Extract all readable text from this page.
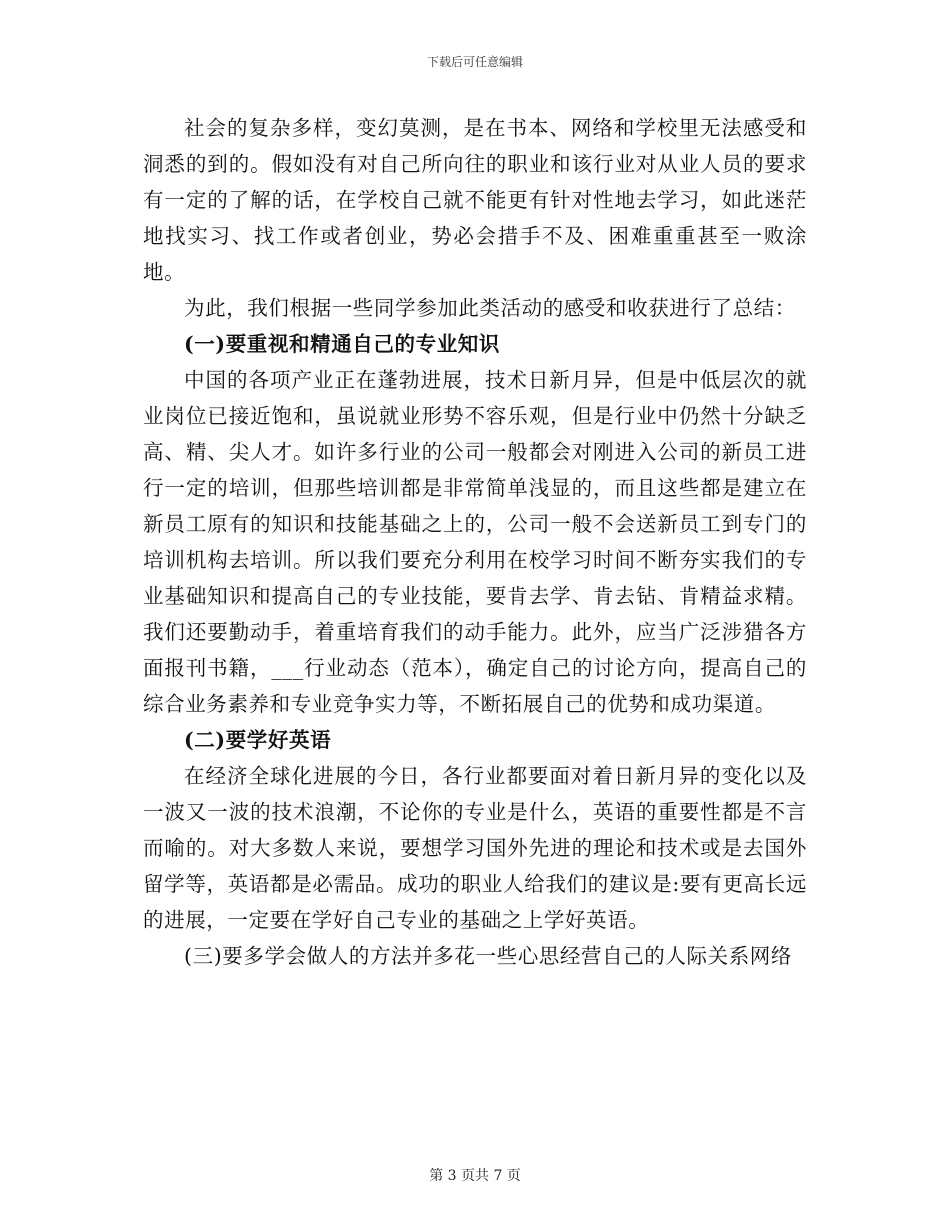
下载后可任意编辑

社会的复杂多样，变幻莫测，是在书本、网络和学校里无法感受和洞悉的到的。假如没有对自己所向往的职业和该行业对从业人员的要求有一定的了解的话，在学校自己就不能更有针对性地去学习，如此迷茫地找实习、找工作或者创业，势必会措手不及、困难重重甚至一败涂地。

为此，我们根据一些同学参加此类活动的感受和收获进行了总结：

(一)要重视和精通自己的专业知识

中国的各项产业正在蓬勃进展，技术日新月异，但是中低层次的就业岗位已接近饱和，虽说就业形势不容乐观，但是行业中仍然十分缺乏高、精、尖人才。如许多行业的公司一般都会对刚进入公司的新员工进行一定的培训，但那些培训都是非常简单浅显的，而且这些都是建立在新员工原有的知识和技能基础之上的，公司一般不会送新员工到专门的培训机构去培训。所以我们要充分利用在校学习时间不断夯实我们的专业基础知识和提高自己的专业技能，要肯去学、肯去钻、肯精益求精。我们还要勤动手，着重培育我们的动手能力。此外，应当广泛涉猎各方面报刊书籍，___行业动态（范本），确定自己的讨论方向，提高自己的综合业务素养和专业竞争实力等，不断拓展自己的优势和成功渠道。

(二)要学好英语

在经济全球化进展的今日，各行业都要面对着日新月异的变化以及一波又一波的技术浪潮，不论你的专业是什么，英语的重要性都是不言而喻的。对大多数人来说，要想学习国外先进的理论和技术或是去国外留学等，英语都是必需品。成功的职业人给我们的建议是:要有更高长远的进展，一定要在学好自己专业的基础之上学好英语。

(三)要多学会做人的方法并多花一些心思经营自己的人际关系网络

第 3 页共 7 页
